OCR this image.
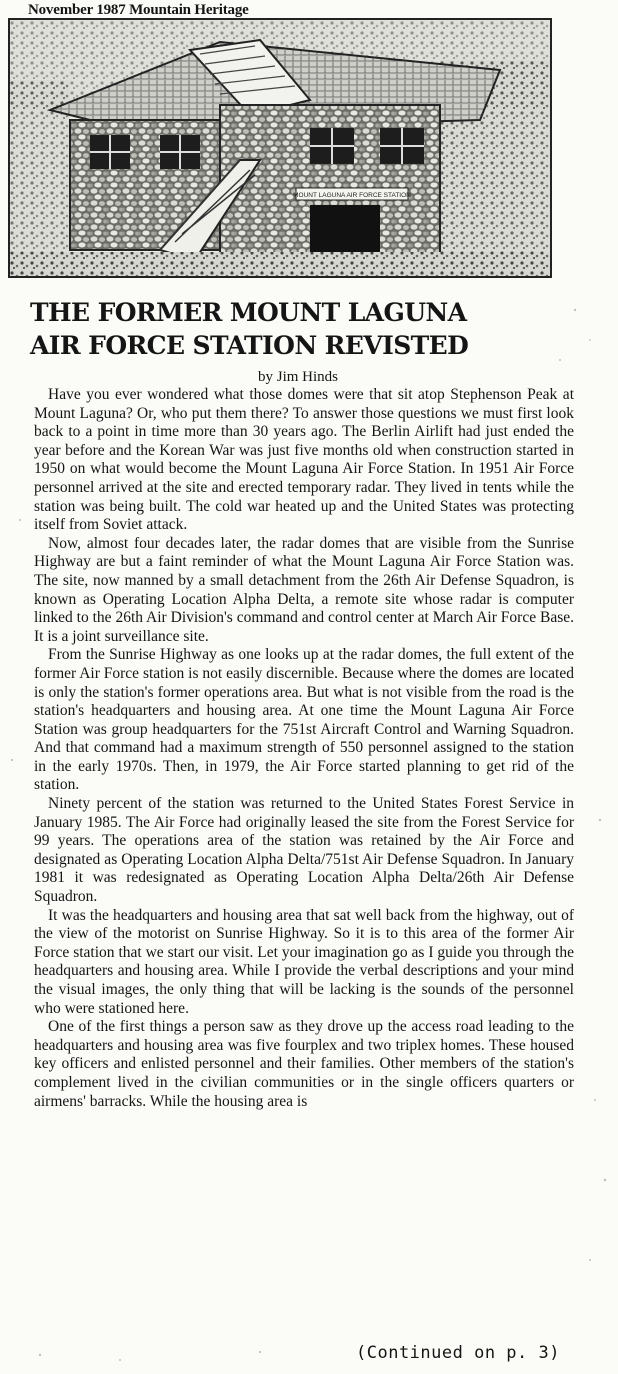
November 1987 Mountain Heritage
MOUNT LAGUNA AIR FORCE STATION
THE FORMER MOUNT LAGUNA
AIR FORCE STATION REVISTED
by Jim Hinds

Have you ever wondered what those domes were that sit atop Stephenson Peak at Mount Laguna? Or, who put them there? To answer those questions we must first look back to a point in time more than 30 years ago. The Berlin Airlift had just ended the year before and the Korean War was just five months old when construction started in 1950 on what would become the Mount Laguna Air Force Station. In 1951 Air Force personnel arrived at the site and erected temporary radar. They lived in tents while the station was being built. The cold war heated up and the United States was protecting itself from Soviet attack.

Now, almost four decades later, the radar domes that are visible from the Sunrise Highway are but a faint reminder of what the Mount Laguna Air Force Station was. The site, now manned by a small detachment from the 26th Air Defense Squadron, is known as Operating Location Alpha Delta, a remote site whose radar is computer linked to the 26th Air Division's command and control center at March Air Force Base. It is a joint surveillance site.

From the Sunrise Highway as one looks up at the radar domes, the full extent of the former Air Force station is not easily discernible. Because where the domes are located is only the station's former operations area. But what is not visible from the road is the station's headquarters and housing area. At one time the Mount Laguna Air Force Station was group headquarters for the 751st Aircraft Control and Warning Squadron. And that command had a maximum strength of 550 personnel assigned to the station in the early 1970s. Then, in 1979, the Air Force started planning to get rid of the station.

Ninety percent of the station was returned to the United States Forest Service in January 1985. The Air Force had originally leased the site from the Forest Service for 99 years. The operations area of the station was retained by the Air Force and designated as Operating Location Alpha Delta/751st Air Defense Squadron. In January 1981 it was redesignated as Operating Location Alpha Delta/26th Air Defense Squadron.

It was the headquarters and housing area that sat well back from the highway, out of the view of the motorist on Sunrise Highway. So it is to this area of the former Air Force station that we start our visit. Let your imagination go as I guide you through the headquarters and housing area. While I provide the verbal descriptions and your mind the visual images, the only thing that will be lacking is the sounds of the personnel who were stationed here.

One of the first things a person saw as they drove up the access road leading to the headquarters and housing area was five fourplex and two triplex homes. These housed key officers and enlisted personnel and their families. Other members of the station's complement lived in the civilian communities or in the single officers quarters or airmens' barracks. While the housing area is

(Continued on p. 3)
